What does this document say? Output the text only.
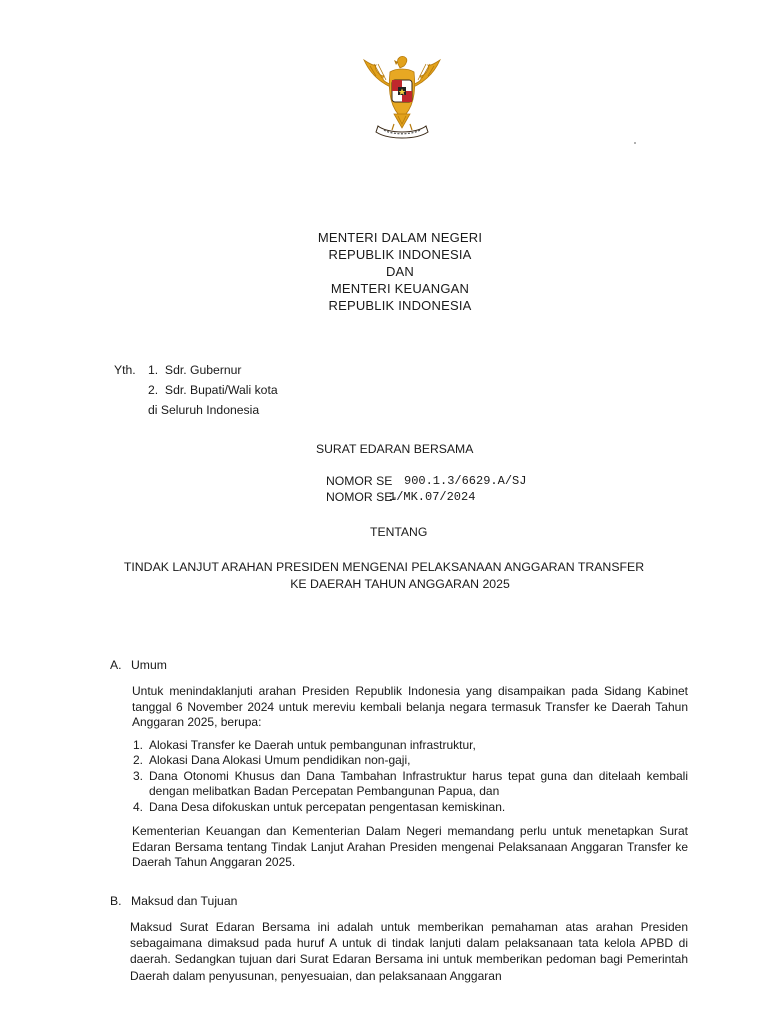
MENTERI DALAM NEGERI
REPUBLIK INDONESIA
DAN
MENTERI KEUANGAN
REPUBLIK INDONESIA
Yth. 1.  Sdr. Gubernur
2.  Sdr. Bupati/Wali kota
di Seluruh Indonesia
SURAT EDARAN BERSAMA
NOMOR SE 900.1.3/6629.A/SJ
NOMOR SE-
1/MK.07/2024
TENTANG
TINDAK LANJUT ARAHAN PRESIDEN MENGENAI PELAKSANAAN ANGGARAN TRANSFER
KE DAERAH TAHUN ANGGARAN 2025
A. Umum
Untuk menindaklanjuti arahan Presiden Republik Indonesia yang disampaikan pada Sidang Kabinet tanggal 6 November 2024 untuk mereviu kembali belanja negara termasuk Transfer ke Daerah Tahun Anggaran 2025, berupa:
1. Alokasi Transfer ke Daerah untuk pembangunan infrastruktur,
2. Alokasi Dana Alokasi Umum pendidikan non-gaji,
3. Dana Otonomi Khusus dan Dana Tambahan Infrastruktur harus tepat guna dan ditelaah kembali dengan melibatkan Badan Percepatan Pembangunan Papua, dan
4. Dana Desa difokuskan untuk percepatan pengentasan kemiskinan.
Kementerian Keuangan dan Kementerian Dalam Negeri memandang perlu untuk menetapkan Surat Edaran Bersama tentang Tindak Lanjut Arahan Presiden mengenai Pelaksanaan Anggaran Transfer ke Daerah Tahun Anggaran 2025.
B. Maksud dan Tujuan
Maksud Surat Edaran Bersama ini adalah untuk memberikan pemahaman atas arahan Presiden sebagaimana dimaksud pada huruf A untuk di tindak lanjuti dalam pelaksanaan tata kelola APBD di daerah. Sedangkan tujuan dari Surat Edaran Bersama ini untuk memberikan pedoman bagi Pemerintah Daerah dalam penyusunan, penyesuaian, dan pelaksanaan Anggaran
